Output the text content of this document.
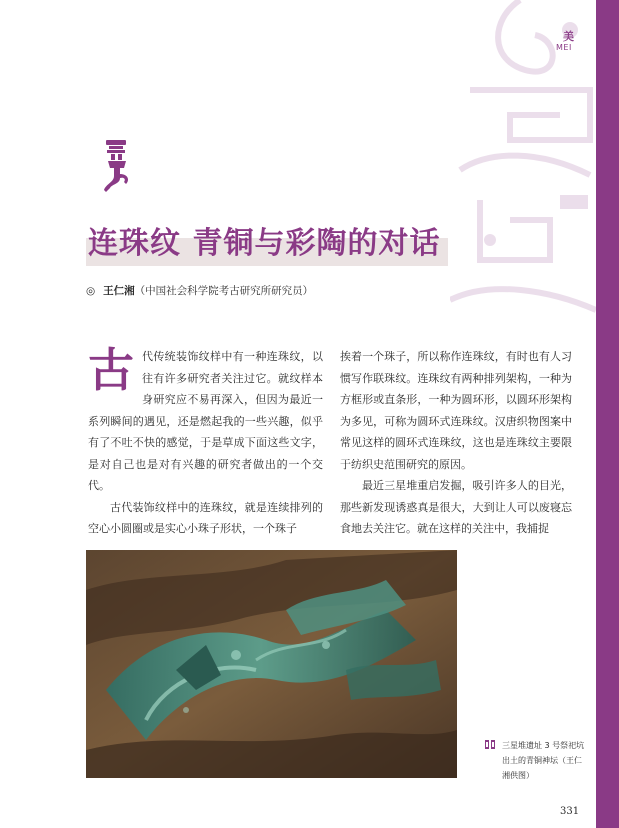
美
MEI
连珠纹 青铜与彩陶的对话
◎ 王仁湘（中国社会科学院考古研究所研究员）

古代传统装饰纹样中有一种连珠纹，以往有许多研究者关注过它。就纹样本身研究应不易再深入，但因为最近一系列瞬间的遇见，还是燃起我的一些兴趣，似乎有了不吐不快的感觉，于是草成下面这些文字，是对自己也是对有兴趣的研究者做出的一个交代。

古代装饰纹样中的连珠纹，就是连续排列的空心小圆圈或是实心小珠子形状，一个珠子

挨着一个珠子，所以称作连珠纹，有时也有人习惯写作联珠纹。连珠纹有两种排列架构，一种为方框形或直条形，一种为圆环形，以圆环形架构为多见，可称为圆环式连珠纹。汉唐织物图案中常见这样的圆环式连珠纹，这也是连珠纹主要限于纺织史范围研究的原因。

最近三星堆重启发掘，吸引许多人的目光，那些新发现诱惑真是很大，大到让人可以废寝忘食地去关注它。就在这样的关注中，我捕捉

三星堆遗址 3 号祭祀坑出土的青铜神坛（王仁湘供图）
331
